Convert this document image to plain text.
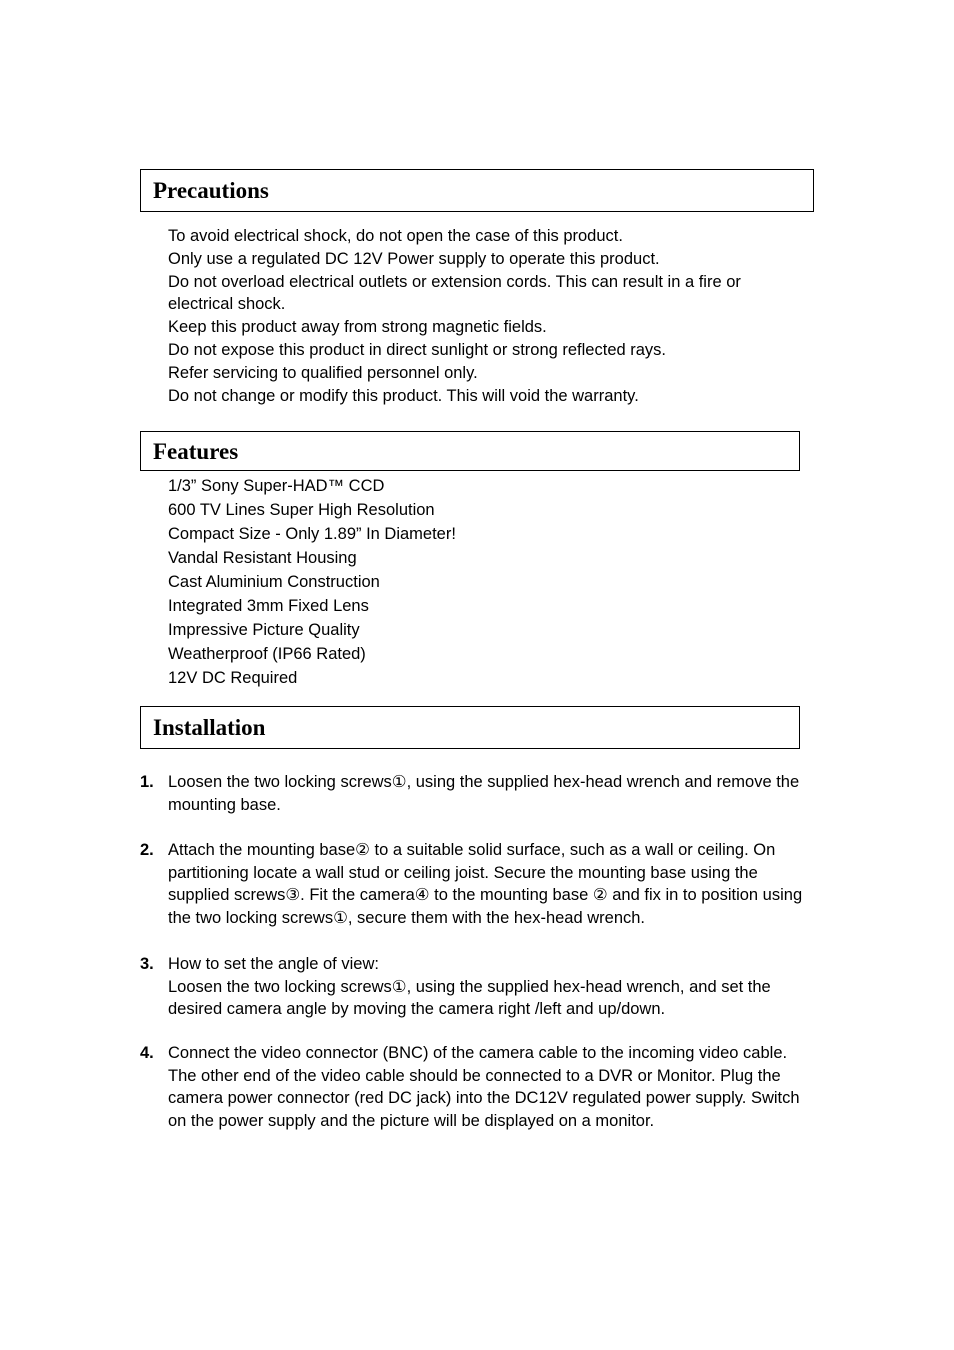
Precautions
To avoid electrical shock, do not open the case of this product.
Only use a regulated DC 12V Power supply to operate this product.
Do not overload electrical outlets or extension cords. This can result in a fire or electrical shock.
Keep this product away from strong magnetic fields.
Do not expose this product in direct sunlight or strong reflected rays.
Refer servicing to qualified personnel only.
Do not change or modify this product. This will void the warranty.
Features
1/3” Sony Super-HAD™ CCD
600 TV Lines Super High Resolution
Compact Size - Only 1.89” In Diameter!
Vandal Resistant Housing
Cast Aluminium Construction
Integrated 3mm Fixed Lens
Impressive Picture Quality
Weatherproof (IP66 Rated)
12V DC Required
Installation
1. Loosen the two locking screws①, using the supplied hex-head wrench and remove the mounting base.
2. Attach the mounting base② to a suitable solid surface, such as a wall or ceiling. On partitioning locate a wall stud or ceiling joist. Secure the mounting base using the supplied screws③. Fit the camera④ to the mounting base ② and fix in to position using the two locking screws①, secure them with the hex-head wrench.
3. How to set the angle of view:
Loosen the two locking screws①, using the supplied hex-head wrench, and set the desired camera angle by moving the camera right /left and up/down.
4. Connect the video connector (BNC) of the camera cable to the incoming video cable. The other end of the video cable should be connected to a DVR or Monitor. Plug the camera power connector (red DC jack) into the DC12V regulated power supply. Switch on the power supply and the picture will be displayed on a monitor.
